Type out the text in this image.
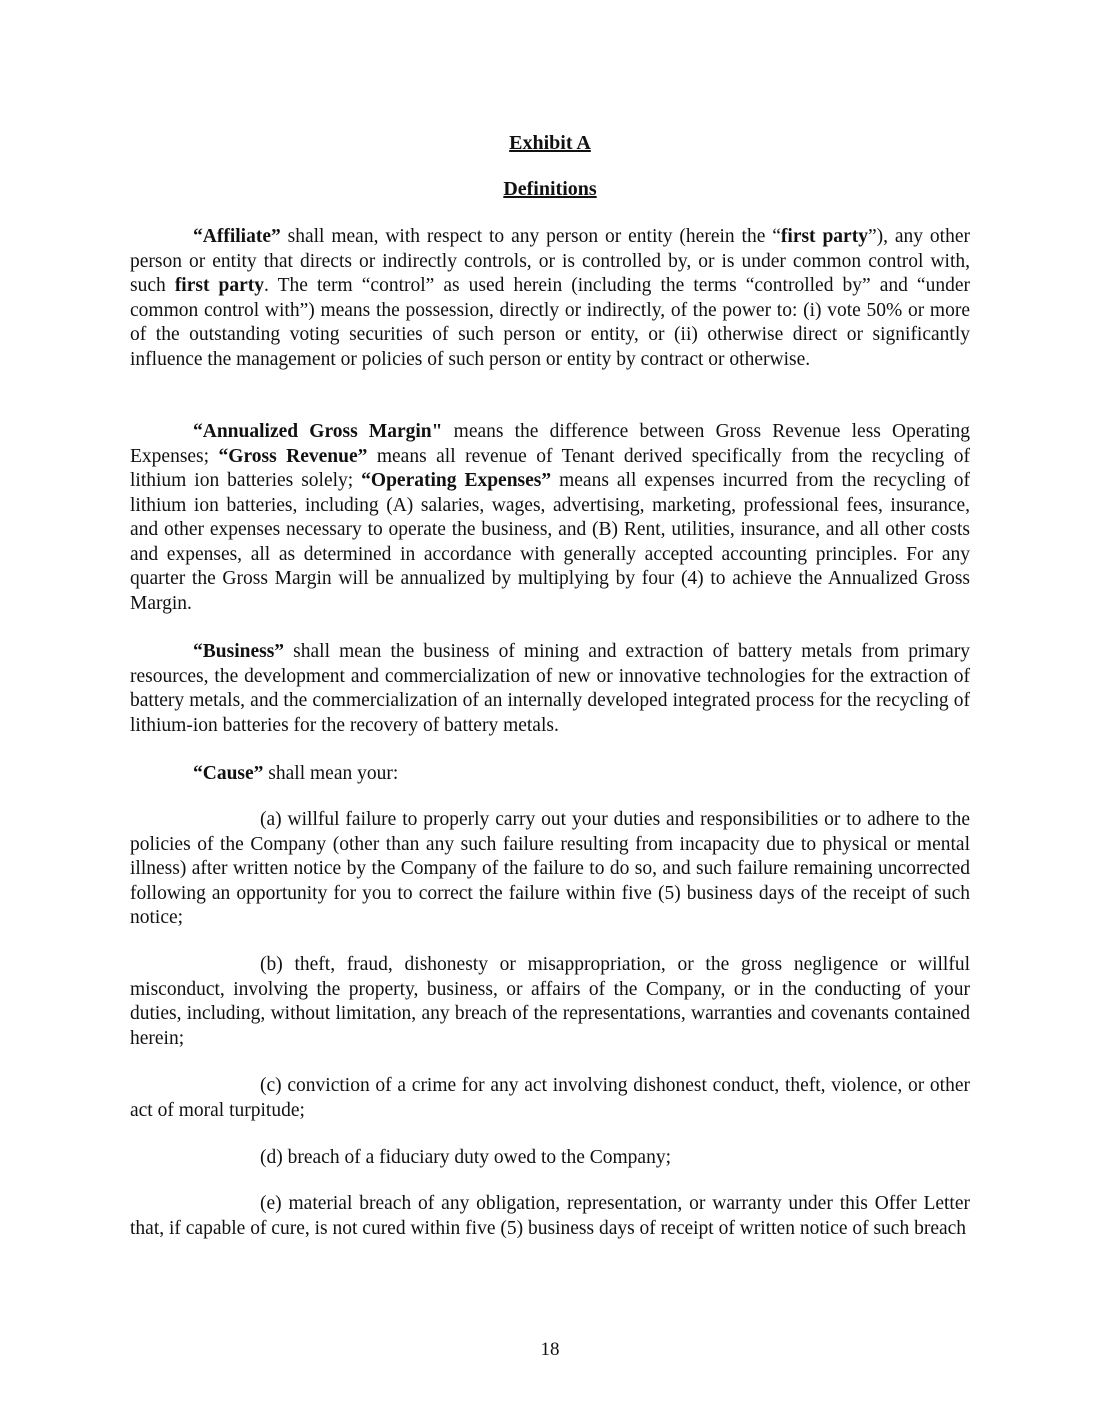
Exhibit A
Definitions

“Affiliate” shall mean, with respect to any person or entity (herein the “first party”), any other person or entity that directs or indirectly controls, or is controlled by, or is under common control with, such first party. The term “control” as used herein (including the terms “controlled by” and “under common control with”) means the possession, directly or indirectly, of the power to: (i) vote 50% or more of the outstanding voting securities of such person or entity, or (ii) otherwise direct or significantly influence the management or policies of such person or entity by contract or otherwise.

“Annualized Gross Margin" means the difference between Gross Revenue less Operating Expenses; “Gross Revenue” means all revenue of Tenant derived specifically from the recycling of lithium ion batteries solely; “Operating Expenses” means all expenses incurred from the recycling of lithium ion batteries, including (A) salaries, wages, advertising, marketing, professional fees, insurance, and other expenses necessary to operate the business, and (B) Rent, utilities, insurance, and all other costs and expenses, all as determined in accordance with generally accepted accounting principles. For any quarter the Gross Margin will be annualized by multiplying by four (4) to achieve the Annualized Gross Margin.

“Business” shall mean the business of mining and extraction of battery metals from primary resources, the development and commercialization of new or innovative technologies for the extraction of battery metals, and the commercialization of an internally developed integrated process for the recycling of lithium-ion batteries for the recovery of battery metals.

“Cause” shall mean your:

(a) willful failure to properly carry out your duties and responsibilities or to adhere to the policies of the Company (other than any such failure resulting from incapacity due to physical or mental illness) after written notice by the Company of the failure to do so, and such failure remaining uncorrected following an opportunity for you to correct the failure within five (5) business days of the receipt of such notice;

(b) theft, fraud, dishonesty or misappropriation, or the gross negligence or willful misconduct, involving the property, business, or affairs of the Company, or in the conducting of your duties, including, without limitation, any breach of the representations, warranties and covenants contained herein;

(c) conviction of a crime for any act involving dishonest conduct, theft, violence, or other act of moral turpitude;

(d) breach of a fiduciary duty owed to the Company;

(e) material breach of any obligation, representation, or warranty under this Offer Letter that, if capable of cure, is not cured within five (5) business days of receipt of written notice of such breach

18
